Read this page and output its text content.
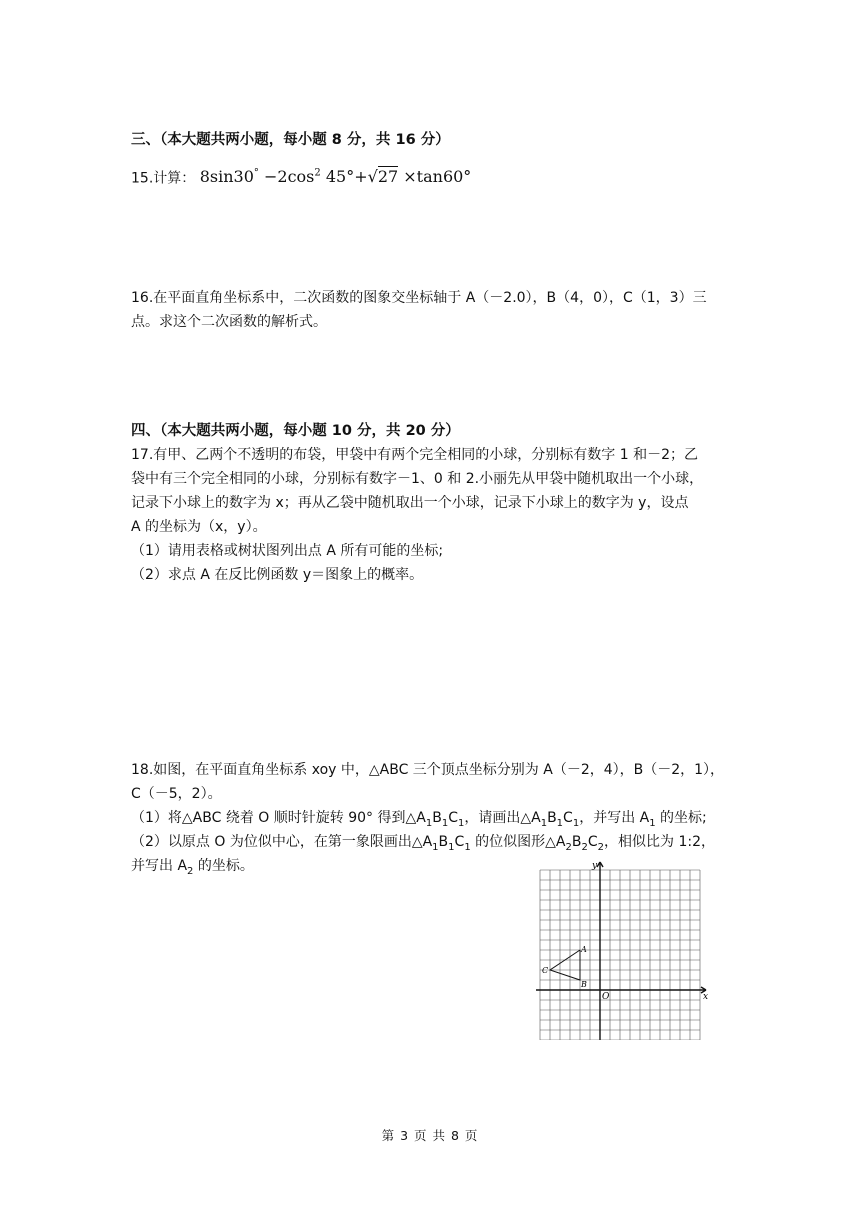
三、（本大题共两小题，每小题 8 分，共 16 分）
15.计算： $8\sin 30^\circ -2\cos^2$ 45°+√27 ×tan60°
16.在平面直角坐标系中，二次函数的图象交坐标轴于 A（－2.0），B（4，0），C（1，3）三
点。求这个二次函数的解析式。
四、（本大题共两小题，每小题 10 分，共 20 分）
17.有甲、乙两个不透明的布袋，甲袋中有两个完全相同的小球，分别标有数字 1 和－2；乙
袋中有三个完全相同的小球，分别标有数字－1、0 和 2.小丽先从甲袋中随机取出一个小球，
记录下小球上的数字为 x；再从乙袋中随机取出一个小球，记录下小球上的数字为 y，设点
A 的坐标为（x，y）。
（1）请用表格或树状图列出点 A 所有可能的坐标;
（2）求点 A 在反比例函数 y＝图象上的概率。
18.如图，在平面直角坐标系 xoy 中，△ABC 三个顶点坐标分别为 A（－2，4），B（－2，1），
C（－5，2）。
（1）将△ABC 绕着 O 顺时针旋转 90° 得到$\triangle A_1B_1C_1$，请画出$\triangle A_1B_1C_1$，并写出 $A_1$ 的坐标;
（2）以原点 O 为位似中心，在第一象限画出$\triangle A_1B_1C_1$ 的位似图形$\triangle A_2B_2C_2$，相似比为 1:2，
并写出 $A_2$ 的坐标。
x
y
O
A
B
C
第 3 页 共 8 页
